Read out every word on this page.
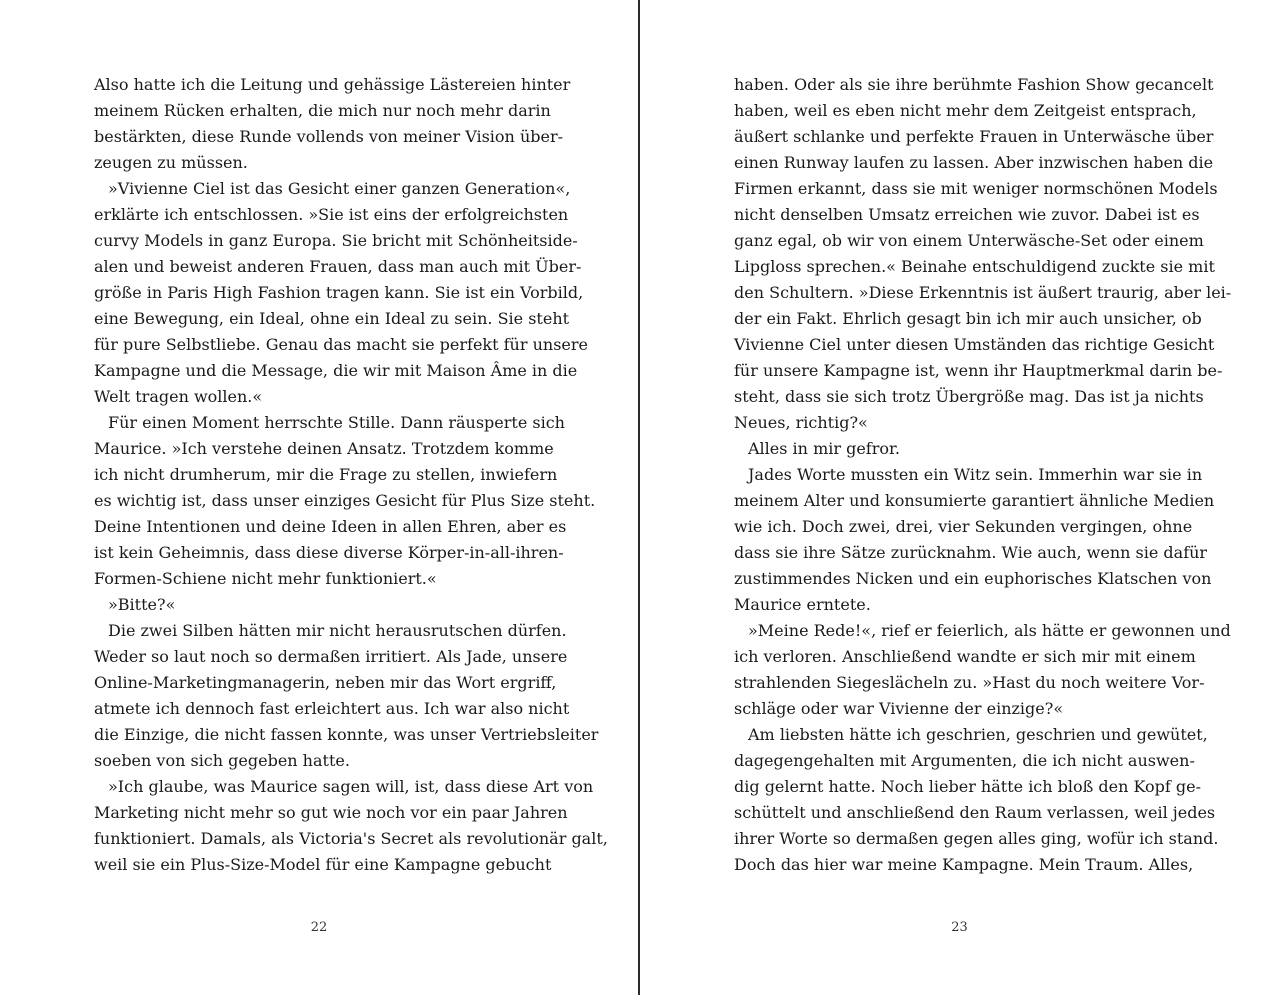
Also hatte ich die Leitung und gehässige Lästereien hinter
meinem Rücken erhalten, die mich nur noch mehr darin
bestärkten, diese Runde vollends von meiner Vision über-
zeugen zu müssen.
»Vivienne Ciel ist das Gesicht einer ganzen Generation«,
erklärte ich entschlossen. »Sie ist eins der erfolgreichsten
curvy Models in ganz Europa. Sie bricht mit Schönheitside-
alen und beweist anderen Frauen, dass man auch mit Über-
größe in Paris High Fashion tragen kann. Sie ist ein Vorbild,
eine Bewegung, ein Ideal, ohne ein Ideal zu sein. Sie steht
für pure Selbstliebe. Genau das macht sie perfekt für unsere
Kampagne und die Message, die wir mit Maison Âme in die
Welt tragen wollen.«
Für einen Moment herrschte Stille. Dann räusperte sich
Maurice. »Ich verstehe deinen Ansatz. Trotzdem komme
ich nicht drumherum, mir die Frage zu stellen, inwiefern
es wichtig ist, dass unser einziges Gesicht für Plus Size steht.
Deine Intentionen und deine Ideen in allen Ehren, aber es
ist kein Geheimnis, dass diese diverse Körper-in-all-ihren-
Formen-Schiene nicht mehr funktioniert.«
»Bitte?«
Die zwei Silben hätten mir nicht herausrutschen dürfen.
Weder so laut noch so dermaßen irritiert. Als Jade, unsere
Online-Marketingmanagerin, neben mir das Wort ergriff,
atmete ich dennoch fast erleichtert aus. Ich war also nicht
die Einzige, die nicht fassen konnte, was unser Vertriebsleiter
soeben von sich gegeben hatte.
»Ich glaube, was Maurice sagen will, ist, dass diese Art von
Marketing nicht mehr so gut wie noch vor ein paar Jahren
funktioniert. Damals, als Victoria's Secret als revolutionär galt,
weil sie ein Plus-Size-Model für eine Kampagne gebucht
22
haben. Oder als sie ihre berühmte Fashion Show gecancelt
haben, weil es eben nicht mehr dem Zeitgeist entsprach,
äußert schlanke und perfekte Frauen in Unterwäsche über
einen Runway laufen zu lassen. Aber inzwischen haben die
Firmen erkannt, dass sie mit weniger normschönen Models
nicht denselben Umsatz erreichen wie zuvor. Dabei ist es
ganz egal, ob wir von einem Unterwäsche-Set oder einem
Lipgloss sprechen.« Beinahe entschuldigend zuckte sie mit
den Schultern. »Diese Erkenntnis ist äußert traurig, aber lei-
der ein Fakt. Ehrlich gesagt bin ich mir auch unsicher, ob
Vivienne Ciel unter diesen Umständen das richtige Gesicht
für unsere Kampagne ist, wenn ihr Hauptmerkmal darin be-
steht, dass sie sich trotz Übergröße mag. Das ist ja nichts
Neues, richtig?«
Alles in mir gefror.
Jades Worte mussten ein Witz sein. Immerhin war sie in
meinem Alter und konsumierte garantiert ähnliche Medien
wie ich. Doch zwei, drei, vier Sekunden vergingen, ohne
dass sie ihre Sätze zurücknahm. Wie auch, wenn sie dafür
zustimmendes Nicken und ein euphorisches Klatschen von
Maurice erntete.
»Meine Rede!«, rief er feierlich, als hätte er gewonnen und
ich verloren. Anschließend wandte er sich mir mit einem
strahlenden Siegeslächeln zu. »Hast du noch weitere Vor-
schläge oder war Vivienne der einzige?«
Am liebsten hätte ich geschrien, geschrien und gewütet,
dagegengehalten mit Argumenten, die ich nicht auswen-
dig gelernt hatte. Noch lieber hätte ich bloß den Kopf ge-
schüttelt und anschließend den Raum verlassen, weil jedes
ihrer Worte so dermaßen gegen alles ging, wofür ich stand.
Doch das hier war meine Kampagne. Mein Traum. Alles,
23
